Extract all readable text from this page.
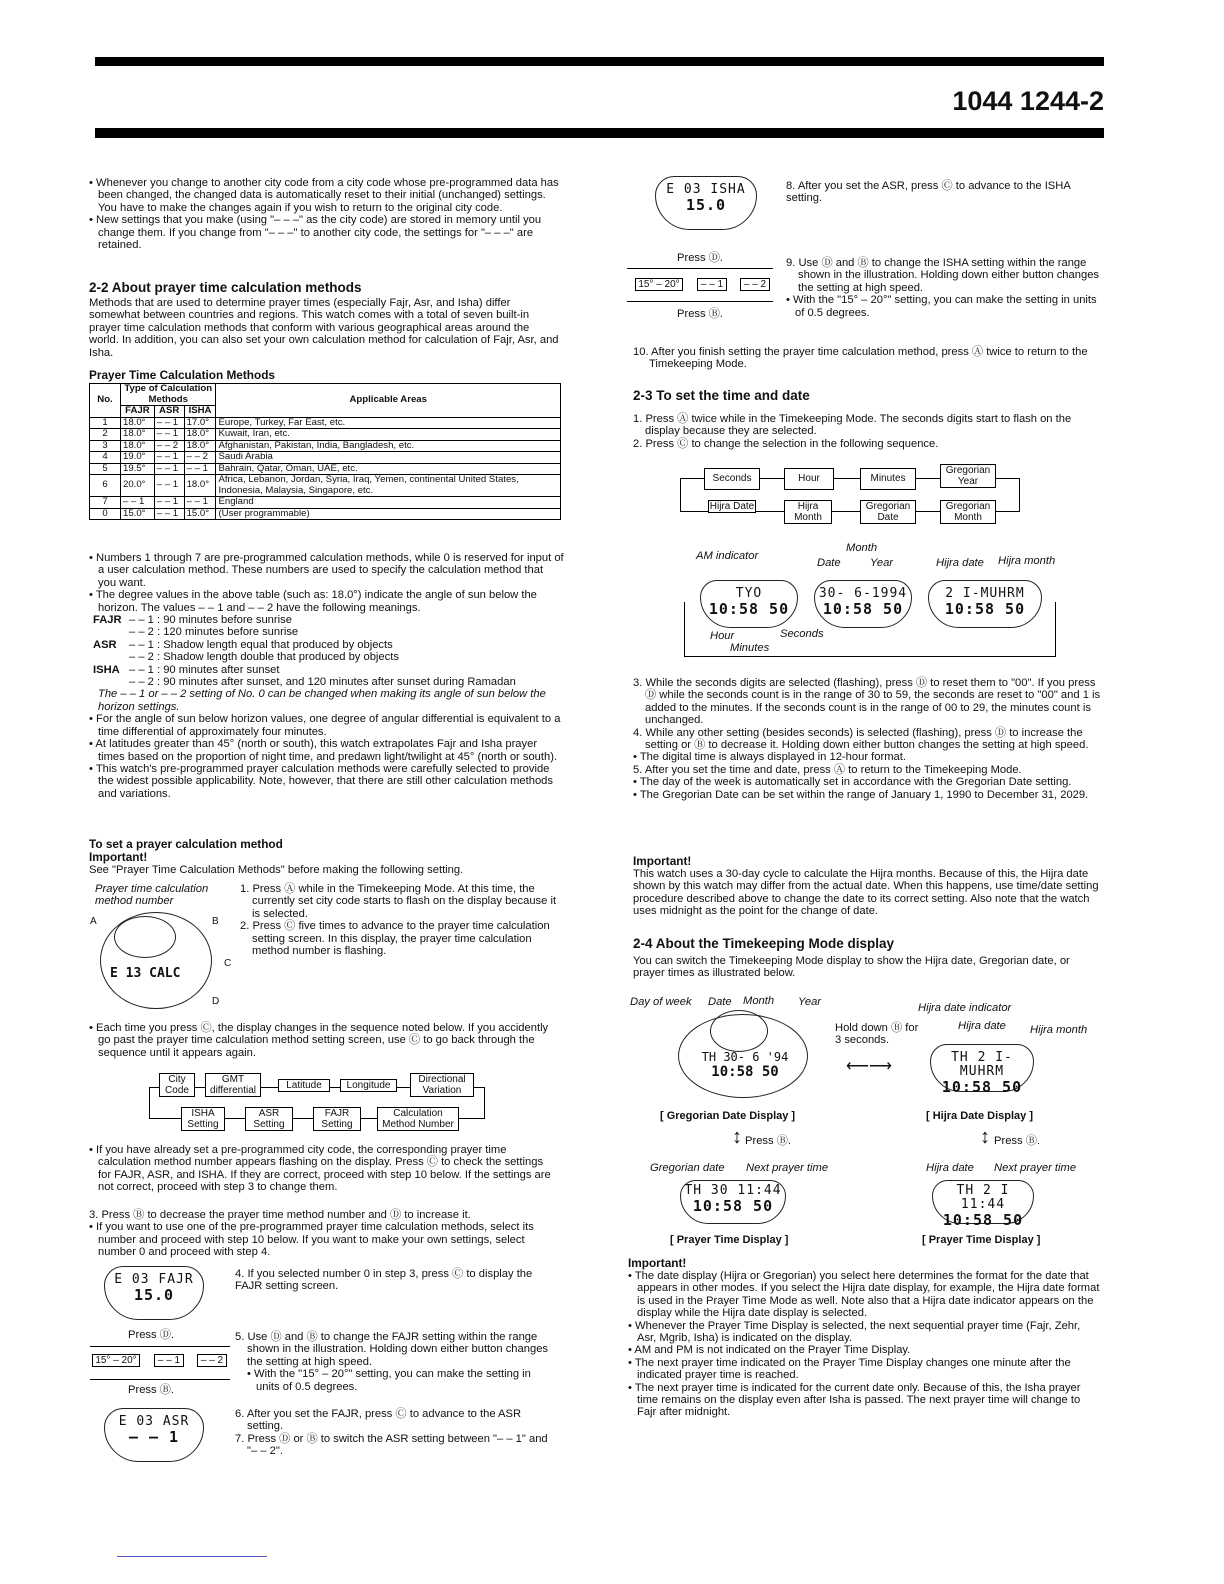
1044 1244-2

• Whenever you change to another city code from a city code whose pre-programmed data has been changed, the changed data is automatically reset to their initial (unchanged) settings. You have to make the changes again if you wish to return to the original city code.

• New settings that you make (using "– – –" as the city code) are stored in memory until you change them. If you change from "– – –" to another city code, the settings for "– – –" are retained.

2-2 About prayer time calculation methods
Methods that are used to determine prayer times (especially Fajr, Asr, and Isha) differ somewhat between countries and regions. This watch comes with a total of seven built-in prayer time calculation methods that conform with various geographical areas around the world. In addition, you can also set your own calculation method for calculation of Fajr, Asr, and Isha.
Prayer Time Calculation Methods
No.	Type of Calculation Methods			Applicable Areas
	FAJR	ASR	ISHA	
1	18.0°	– – 1	17.0°	Europe, Turkey, Far East, etc.
2	18.0°	– – 1	18.0°	Kuwait, Iran, etc.
3	18.0°	– – 2	18.0°	Afghanistan, Pakistan, India, Bangladesh, etc.
4	19.0°	– – 1	– – 2	Saudi Arabia
5	19.5°	– – 1	– – 1	Bahrain, Qatar, Oman, UAE, etc.
6	20.0°	– – 1	18.0°	Africa, Lebanon, Jordan, Syria, Iraq, Yemen, continental United States, Indonesia, Malaysia, Singapore, etc.
7	– – 1	– – 1	– – 1	England
0	15.0°	– – 1	15.0°	(User programmable)

• Numbers 1 through 7 are pre-programmed calculation methods, while 0 is reserved for input of a user calculation method. These numbers are used to specify the calculation method that you want.

• The degree values in the above table (such as: 18.0°) indicate the angle of sun below the horizon. The values – – 1 and – – 2 have the following meanings.

FAJR – – 1 : 90 minutes before sunrise
– – 2 : 120 minutes before sunrise
ASR – – 1 : Shadow length equal that produced by objects
– – 2 : Shadow length double that produced by objects
ISHA – – 1 : 90 minutes after sunset
– – 2 : 90 minutes after sunset, and 120 minutes after sunset during Ramadan

The – – 1 or – – 2 setting of No. 0 can be changed when making its angle of sun below the horizon settings.

• For the angle of sun below horizon values, one degree of angular differential is equivalent to a time differential of approximately four minutes.

• At latitudes greater than 45° (north or south), this watch extrapolates Fajr and Isha prayer times based on the proportion of night time, and predawn light/twilight at 45° (north or south).

• This watch's pre-programmed prayer calculation methods were carefully selected to provide the widest possible applicability. Note, however, that there are still other calculation methods and variations.

To set a prayer calculation method
Important!
See "Prayer Time Calculation Methods" before making the following setting.
Prayer time calculation method number
A	B
C
D
E 13 CALC

1. Press Ⓐ while in the Timekeeping Mode. At this time, the currently set city code starts to flash on the display because it is selected.

2. Press Ⓒ five times to advance to the prayer time calculation setting screen. In this display, the prayer time calculation method number is flashing.

• Each time you press Ⓒ, the display changes in the sequence noted below. If you accidently go past the prayer time calculation method setting screen, use Ⓒ to go back through the sequence until it appears again.

City Code
GMT differential	Latitude	Longitude
Directional Variation
ISHA Setting
ASR Setting
FAJR Setting
Calculation Method Number

• If you have already set a pre-programmed city code, the corresponding prayer time calculation method number appears flashing on the display. Press Ⓒ to check the settings for FAJR, ASR, and ISHA. If they are correct, proceed with step 10 below. If the settings are not correct, proceed with step 3 to change them.

3. Press Ⓑ to decrease the prayer time method number and Ⓓ to increase it.

• If you want to use one of the pre-programmed prayer time calculation methods, select its number and proceed with step 10 below. If you want to make your own settings, select number 0 and proceed with step 4.

E 03 FAJR
15.0
4. If you selected number 0 in step 3, press Ⓒ to display the FAJR setting screen.
Press Ⓓ.
15° – 20°	– – 1	– – 2
Press Ⓑ.

5. Use Ⓓ and Ⓑ to change the FAJR setting within the range shown in the illustration. Holding down either button changes the setting at high speed.

• With the "15° – 20°" setting, you can make the setting in units of 0.5 degrees.

E 03 ASR
– – 1

6. After you set the FAJR, press Ⓒ to advance to the ASR setting.

7. Press Ⓓ or Ⓑ to switch the ASR setting between "– – 1" and "– – 2".

E 03 ISHA
15.0
8. After you set the ASR, press Ⓒ to advance to the ISHA setting.
Press Ⓓ.
15° – 20°	– – 1	– – 2
Press Ⓑ.

9. Use Ⓓ and Ⓑ to change the ISHA setting within the range shown in the illustration. Holding down either button changes the setting at high speed.

• With the "15° – 20°" setting, you can make the setting in units of 0.5 degrees.

10. After you finish setting the prayer time calculation method, press Ⓐ twice to return to the Timekeeping Mode.
2-3 To set the time and date

1. Press Ⓐ twice while in the Timekeeping Mode. The seconds digits start to flash on the display because they are selected.

2. Press Ⓒ to change the selection in the following sequence.

Seconds	Hour	Minutes
Gregorian Year
Hijra Date	Hijra Month
Gregorian Date
Gregorian Month
AM indicator
Month
Date	Year	Hijra date Hijra month
TYO
10:58 50
30- 6-1994
10:58 50
2 I-MUHRM
10:58 50
Hour	Seconds
Minutes

3. While the seconds digits are selected (flashing), press Ⓓ to reset them to "00". If you press Ⓓ while the seconds count is in the range of 30 to 59, the seconds are reset to "00" and 1 is added to the minutes. If the seconds count is in the range of 00 to 29, the minutes count is unchanged.

4. While any other setting (besides seconds) is selected (flashing), press Ⓓ to increase the setting or Ⓑ to decrease it. Holding down either button changes the setting at high speed.

• The digital time is always displayed in 12-hour format.

5. After you set the time and date, press Ⓐ to return to the Timekeeping Mode.

• The day of the week is automatically set in accordance with the Gregorian Date setting.

• The Gregorian Date can be set within the range of January 1, 1990 to December 31, 2029.

Important!
This watch uses a 30-day cycle to calculate the Hijra months. Because of this, the Hijra date shown by this watch may differ from the actual date. When this happens, use time/date setting procedure described above to change the date to its correct setting. Also note that the watch uses midnight as the point for the change of date.
2-4 About the Timekeeping Mode display
You can switch the Timekeeping Mode display to show the Hijra date, Gregorian date, or prayer times as illustrated below.
Day of week Date Month Year
TH 30- 6 '94
10:58 50
Hold down Ⓑ for 3 seconds.
⟵⟶
Hijra date indicator
Hijra date Hijra month
TH 2 I-MUHRM
10:58 50
[ Gregorian Date Display ]	[ Hijra Date Display ]
↕ Press Ⓑ.	↕ Press Ⓑ.
Gregorian date Next prayer time	Hijra date Next prayer time
TH 30 11:44
10:58 50
TH 2 I 11:44
10:58 50
[ Prayer Time Display ]	[ Prayer Time Display ]
Important!

• The date display (Hijra or Gregorian) you select here determines the format for the date that appears in other modes. If you select the Hijra date display, for example, the Hijra date format is used in the Prayer Time Mode as well. Note also that a Hijra date indicator appears on the display while the Hijra date display is selected.

• Whenever the Prayer Time Display is selected, the next sequential prayer time (Fajr, Zehr, Asr, Mgrib, Isha) is indicated on the display.

• AM and PM is not indicated on the Prayer Time Display.

• The next prayer time indicated on the Prayer Time Display changes one minute after the indicated prayer time is reached.

• The next prayer time is indicated for the current date only. Because of this, the Isha prayer time remains on the display even after Isha is passed. The next prayer time will change to Fajr after midnight.
